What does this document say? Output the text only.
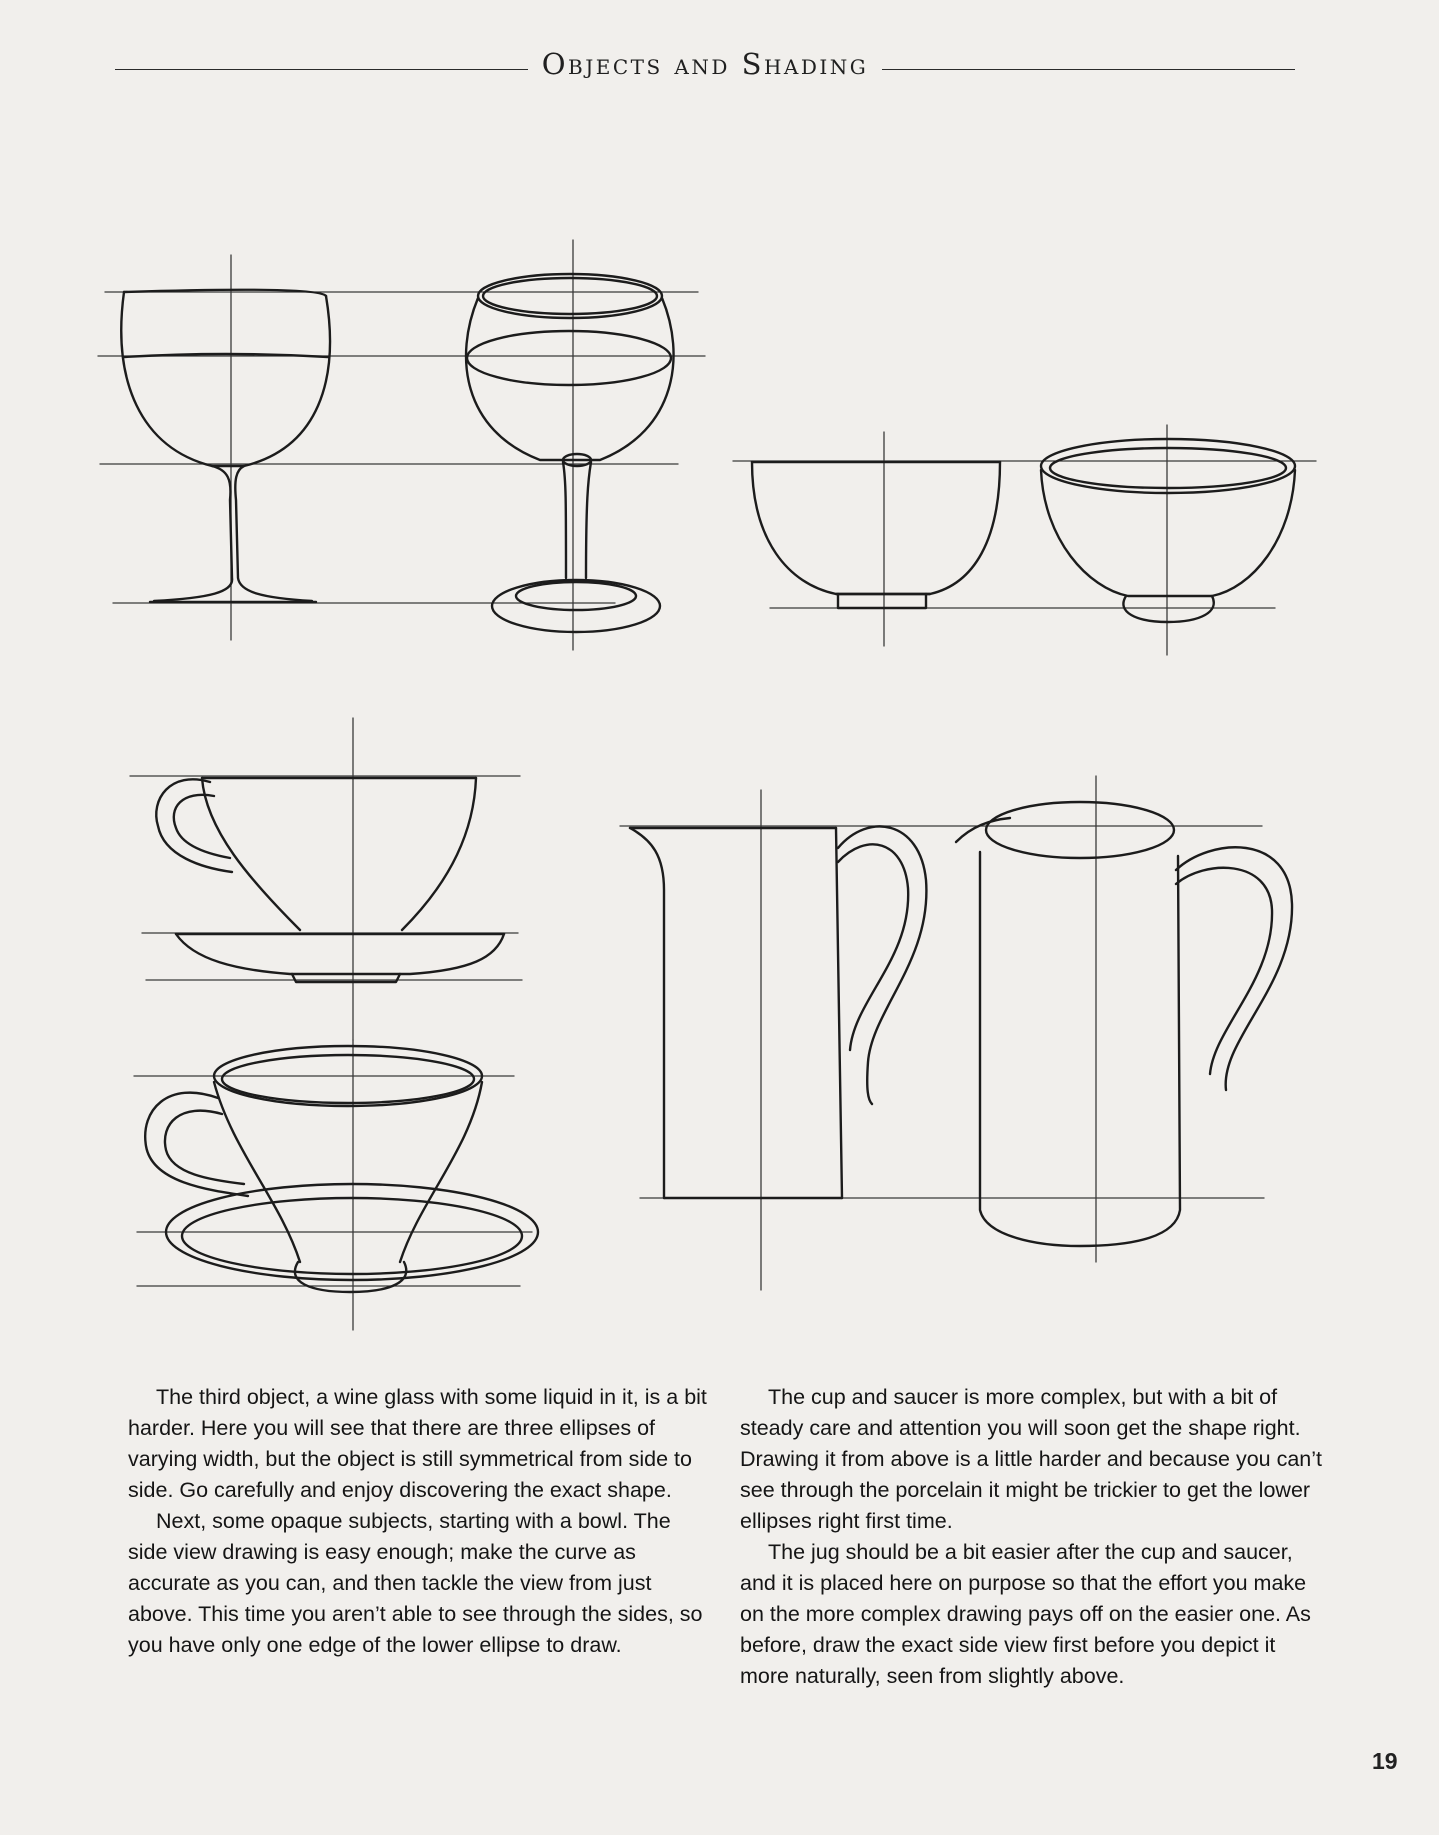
Objects and Shading

The third object, a wine glass with some liquid in it, is a bit harder. Here you will see that there are three ellipses of varying width, but the object is still symmetrical from side to side. Go carefully and enjoy discovering the exact shape.

Next, some opaque subjects, starting with a bowl. The side view drawing is easy enough; make the curve as accurate as you can, and then tackle the view from just above. This time you aren’t able to see through the sides, so you have only one edge of the lower ellipse to draw.

The cup and saucer is more complex, but with a bit of steady care and attention you will soon get the shape right. Drawing it from above is a little harder and because you can’t see through the porcelain it might be trickier to get the lower ellipses right first time.

The jug should be a bit easier after the cup and saucer, and it is placed here on purpose so that the effort you make on the more complex drawing pays off on the easier one. As before, draw the exact side view first before you depict it more naturally, seen from slightly above.

19
